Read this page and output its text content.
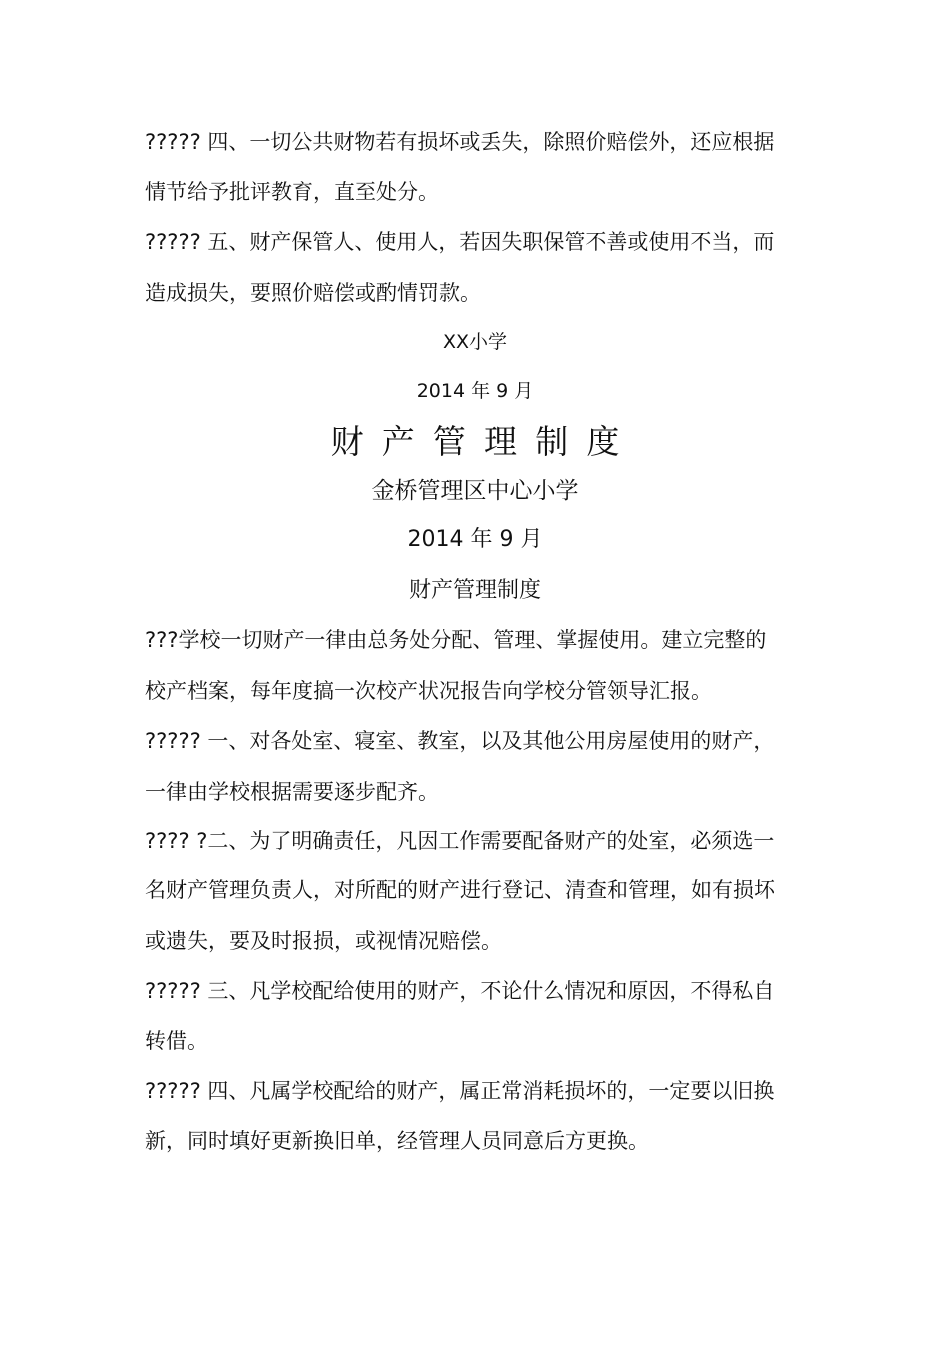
????? 四、一切公共财物若有损坏或丢失，除照价赔偿外，还应根据
情节给予批评教育，直至处分。
????? 五、财产保管人、使用人，若因失职保管不善或使用不当，而
造成损失，要照价赔偿或酌情罚款。
XX小学
2014 年 9 月
财产管理制度
金桥管理区中心小学
2014 年 9 月
财产管理制度
???学校一切财产一律由总务处分配、管理、掌握使用。建立完整的
校产档案，每年度搞一次校产状况报告向学校分管领导汇报。
????? 一、对各处室、寝室、教室，以及其他公用房屋使用的财产，
一律由学校根据需要逐步配齐。
???? ?二、为了明确责任，凡因工作需要配备财产的处室，必须选一
名财产管理负责人，对所配的财产进行登记、清查和管理，如有损坏
或遗失，要及时报损，或视情况赔偿。
????? 三、凡学校配给使用的财产，不论什么情况和原因，不得私自
转借。
????? 四、凡属学校配给的财产，属正常消耗损坏的，一定要以旧换
新，同时填好更新换旧单，经管理人员同意后方更换。
